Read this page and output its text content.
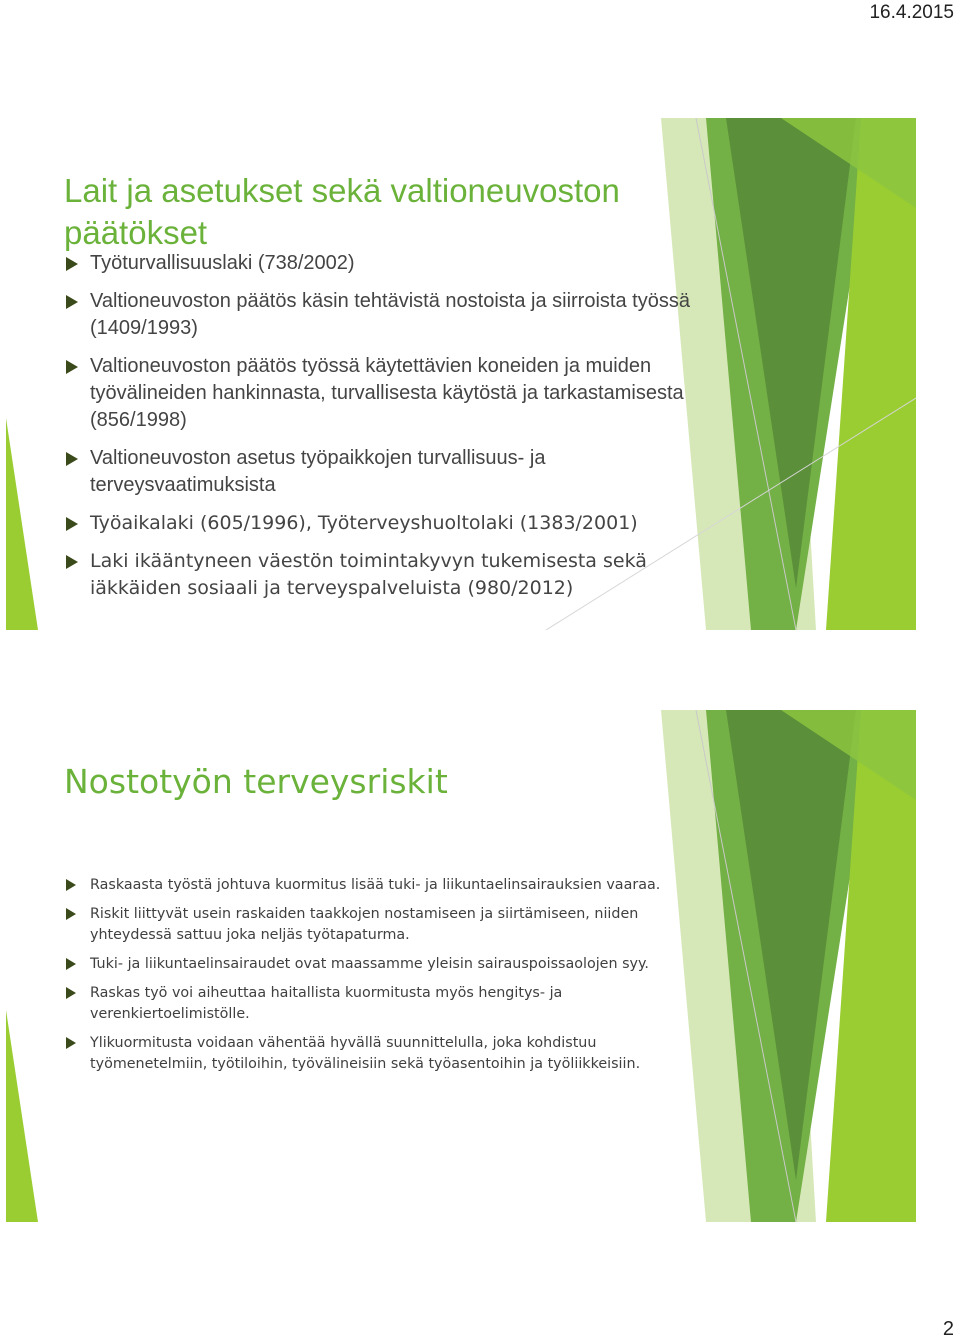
16.4.2015
Lait ja asetukset sekä valtioneuvoston päätökset
Työturvallisuuslaki (738/2002)
Valtioneuvoston päätös käsin tehtävistä nostoista ja siirroista työssä (1409/1993)
Valtioneuvoston päätös työssä käytettävien koneiden ja muiden työvälineiden hankinnasta, turvallisesta käytöstä ja tarkastamisesta (856/1998)
Valtioneuvoston asetus työpaikkojen turvallisuus- ja terveysvaatimuksista
Työaikalaki (605/1996), Työterveyshuoltolaki (1383/2001)
Laki ikääntyneen väestön toimintakyvyn tukemisesta sekä iäkkäiden sosiaali ja terveyspalveluista (980/2012)
Nostotyön terveysriskit
Raskaasta työstä johtuva kuormitus lisää tuki- ja liikuntaelinsairauksien vaaraa.
Riskit liittyvät usein raskaiden taakkojen nostamiseen ja siirtämiseen, niiden yhteydessä sattuu joka neljäs työtapaturma.
Tuki- ja liikuntaelinsairaudet ovat maassamme yleisin sairauspoissaolojen syy.
Raskas työ voi aiheuttaa haitallista kuormitusta myös hengitys- ja verenkiertoelimistölle.
Ylikuormitusta voidaan vähentää hyvällä suunnittelulla, joka kohdistuu työmenetelmiin, työtiloihin, työvälineisiin sekä työasentoihin ja työliikkeisiin.
2
